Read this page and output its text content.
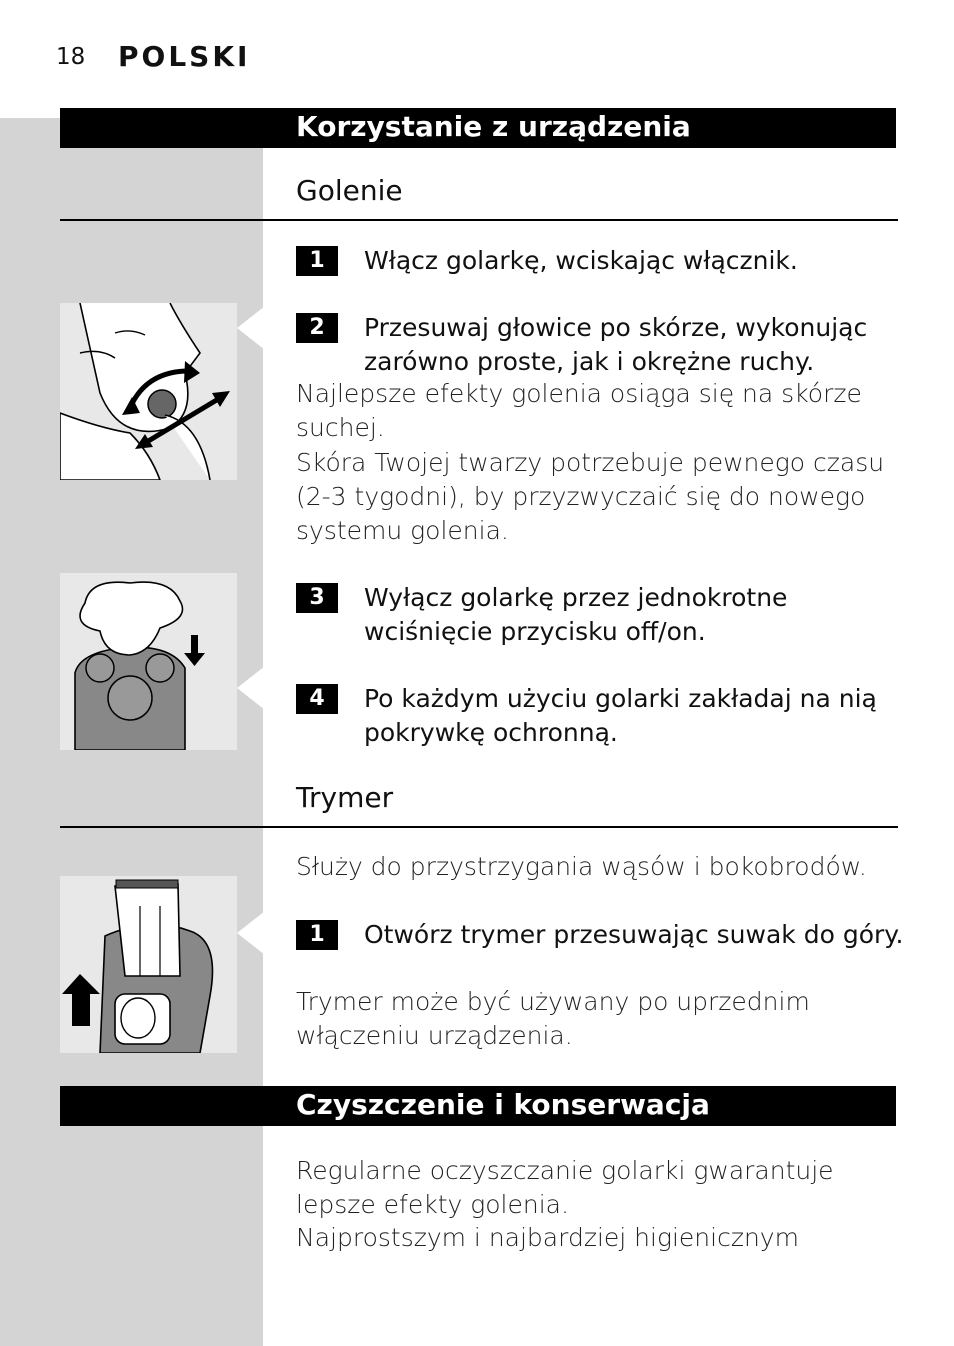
18 POLSKI
Korzystanie z urządzenia
Golenie
1	Włącz golarkę, wciskając włącznik.
2	Przesuwaj głowice po skórze, wykonując zarówno proste, jak i okrężne ruchy.
Najlepsze efekty golenia osiąga się na skórze suchej.
Skóra Twojej twarzy potrzebuje pewnego czasu (2-3 tygodni), by przyzwyczaić się do nowego systemu golenia.
3	Wyłącz golarkę przez jednokrotne wciśnięcie przycisku off/on.
4	Po każdym użyciu golarki zakładaj na nią pokrywkę ochronną.
Trymer
Służy do przystrzygania wąsów i bokobrodów.
1	Otwórz trymer przesuwając suwak do góry.
Trymer może być używany po uprzednim włączeniu urządzenia.
Czyszczenie i konserwacja
Regularne oczyszczanie golarki gwarantuje lepsze efekty golenia.
Najprostszym i najbardziej higienicznym
